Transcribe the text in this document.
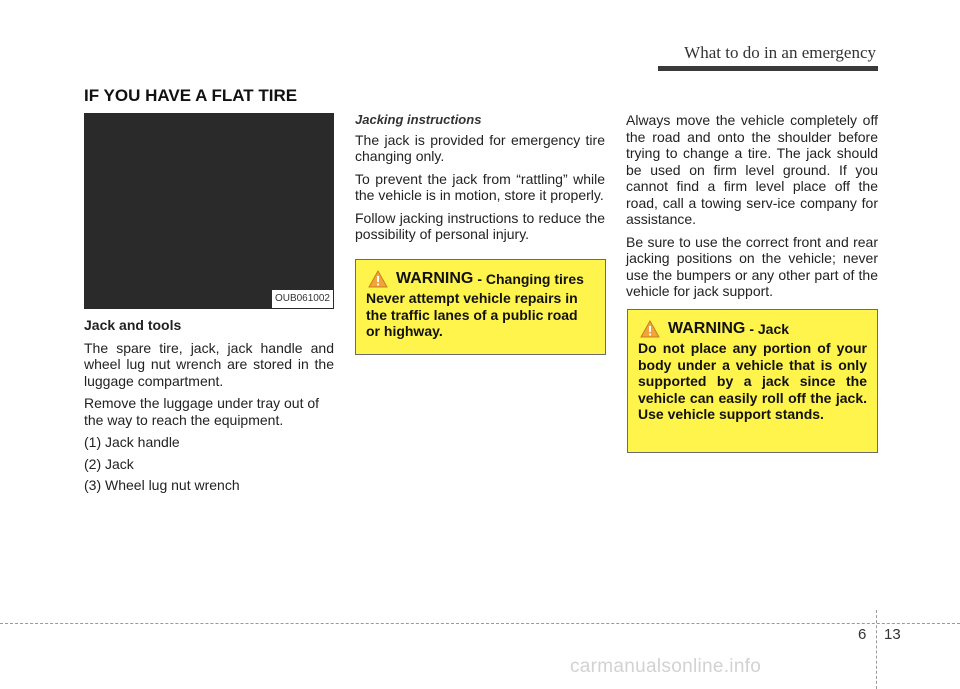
What to do in an emergency
IF YOU HAVE A FLAT TIRE
OUB061002
Jack and tools

The spare tire, jack, jack handle and wheel lug nut wrench are stored in the luggage compartment.

Remove the luggage under tray out of the way to reach the equipment.

(1) Jack handle
(2) Jack
(3) Wheel lug nut wrench
Jacking instructions

The jack is provided for emergency tire changing only.

To prevent the jack from “rattling” while the vehicle is in motion, store it properly.

Follow jacking instructions to reduce the possibility of personal injury.

WARNING - Changing tires
Never attempt vehicle repairs in the traffic lanes of a public road or highway.

Always move the vehicle completely off the road and onto the shoulder before trying to change a tire. The jack should be used on firm level ground. If you cannot find a firm level place off the road, call a towing serv-ice company for assistance.

Be sure to use the correct front and rear jacking positions on the vehicle; never use the bumpers or any other part of the vehicle for jack support.

WARNING - Jack
Do not place any portion of your body under a vehicle that is only supported by a jack since the vehicle can easily roll off the jack. Use vehicle support stands.
6 13
carmanualsonline.info
